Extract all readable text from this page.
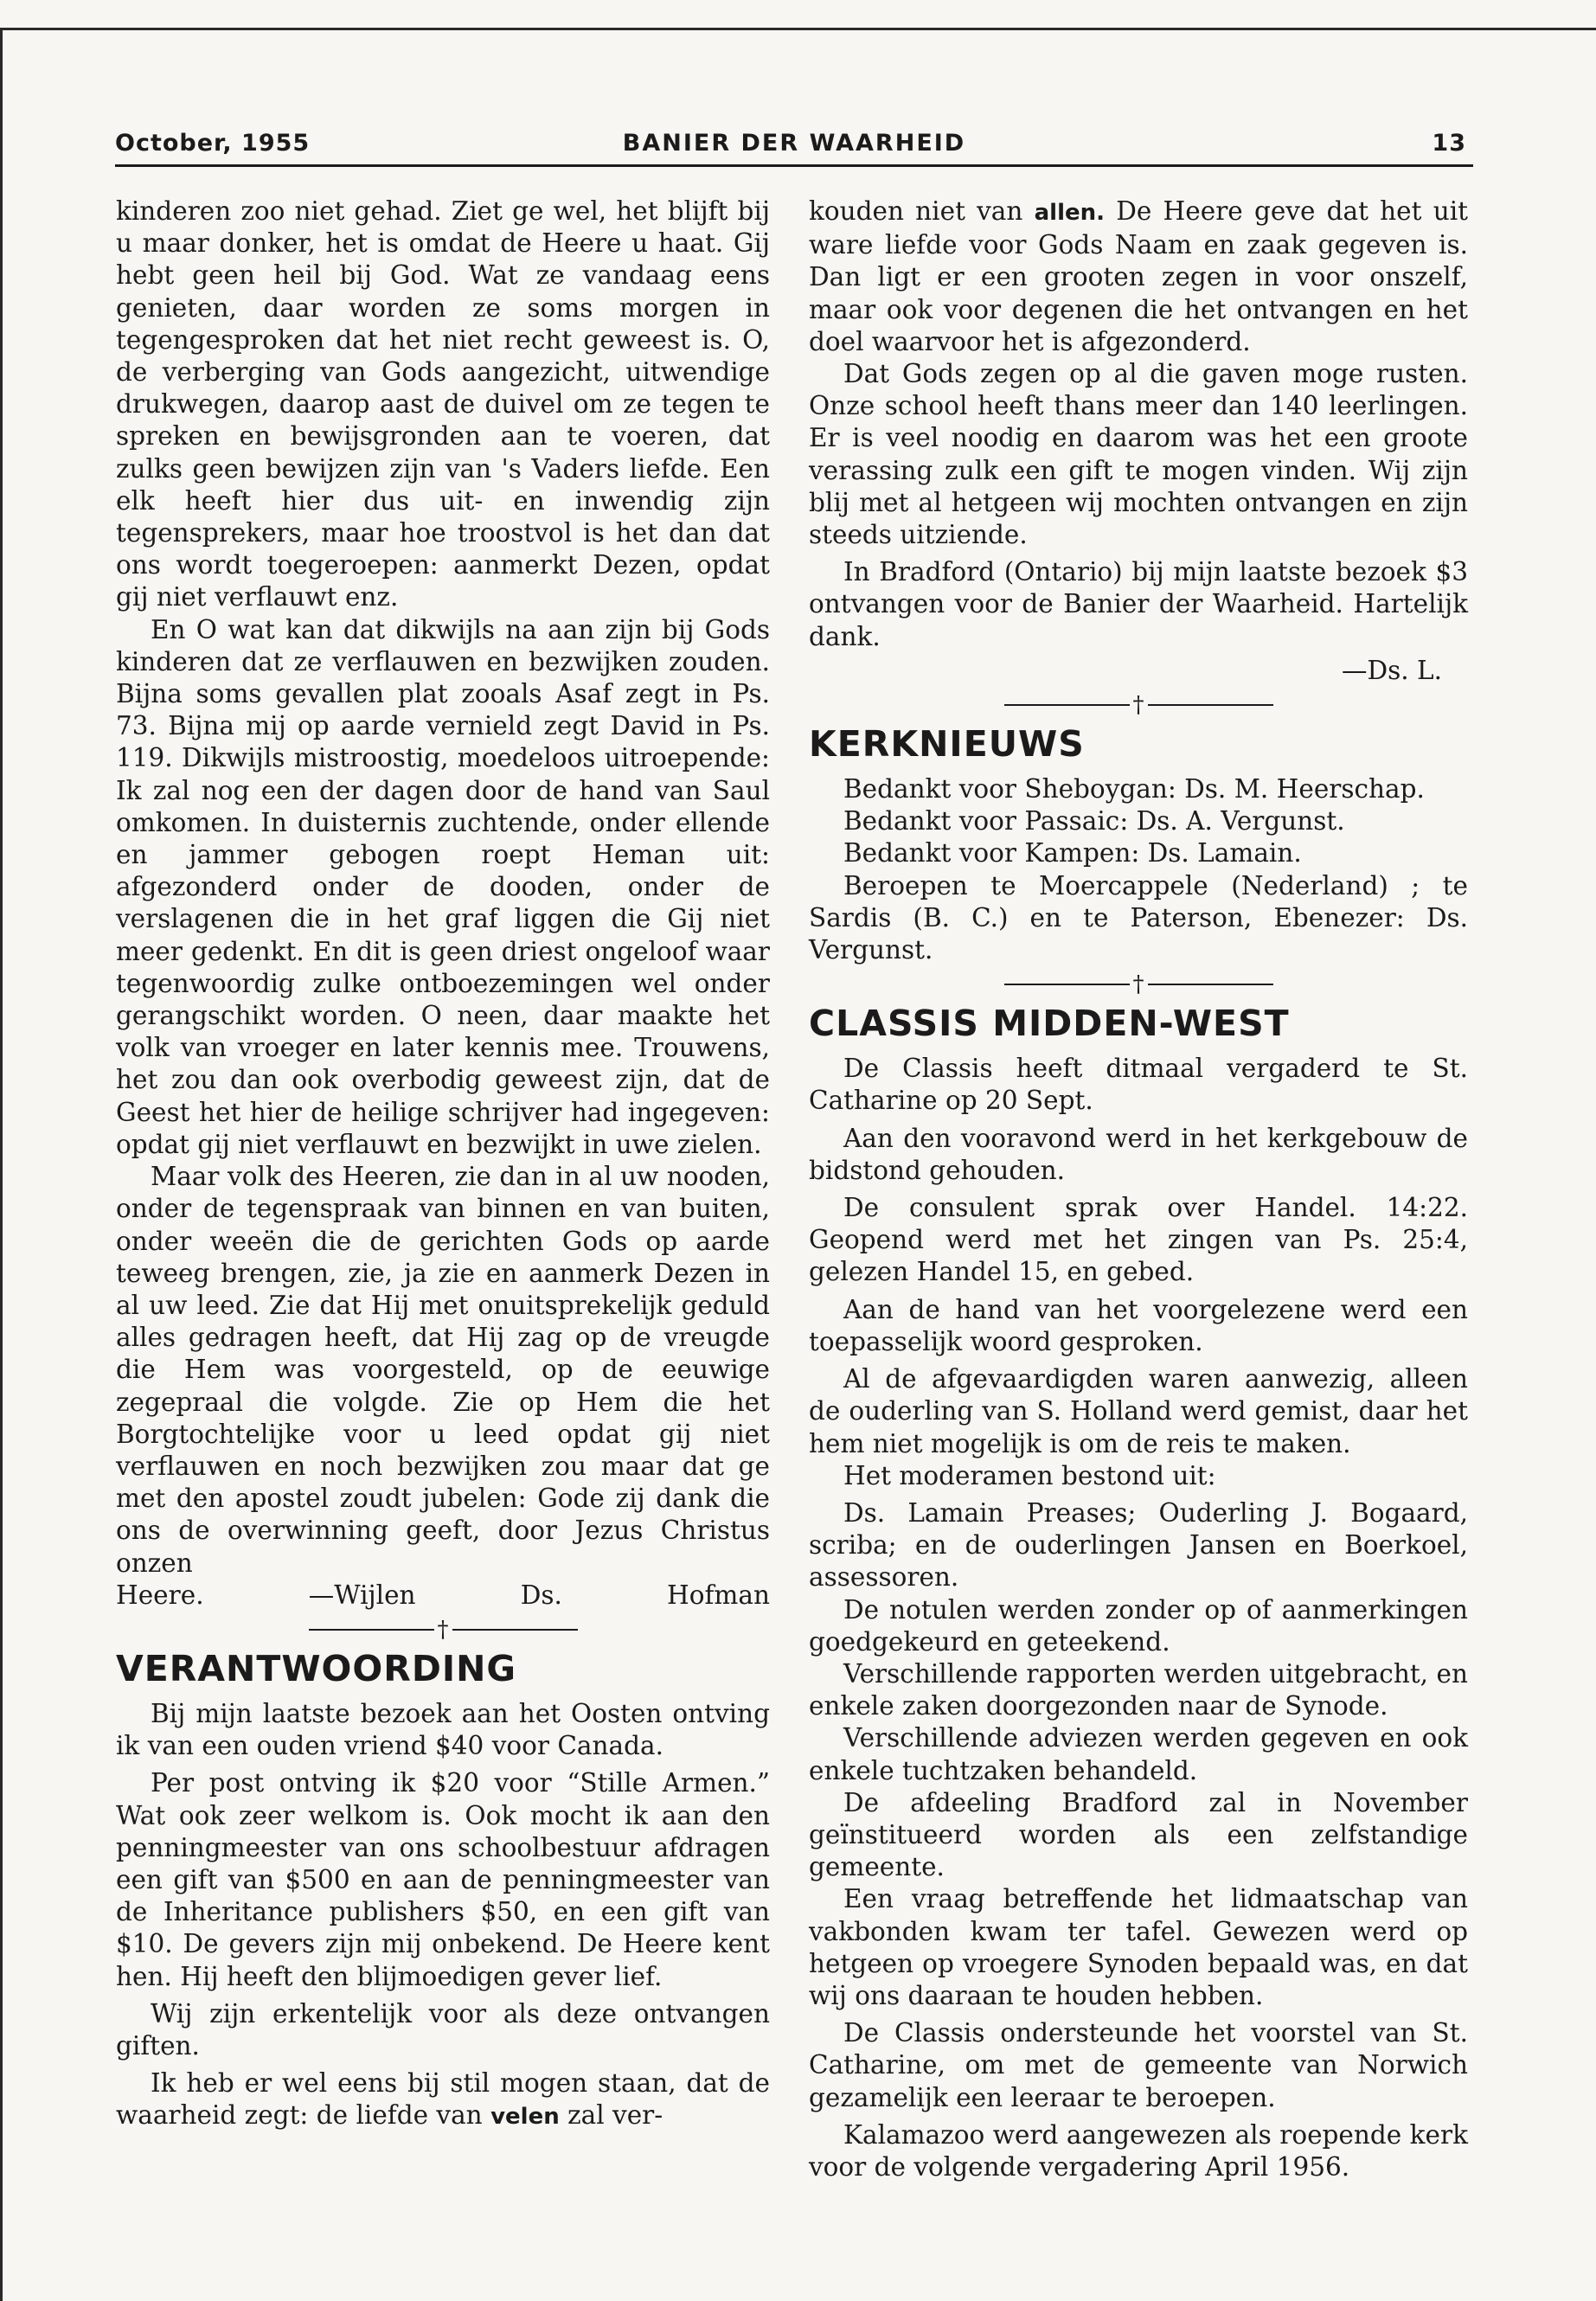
October, 1955	BANIER DER WAARHEID	13

kinderen zoo niet gehad. Ziet ge wel, het blijft bij u maar donker, het is omdat de Heere u haat. Gij hebt geen heil bij God. Wat ze vandaag eens genieten, daar worden ze soms morgen in tegengesproken dat het niet recht geweest is. O, de verberging van Gods aangezicht, uitwendige drukwegen, daarop aast de duivel om ze tegen te spreken en bewijsgronden aan te voeren, dat zulks geen bewijzen zijn van 's Vaders liefde. Een elk heeft hier dus uit- en inwendig zijn tegensprekers, maar hoe troostvol is het dan dat ons wordt toegeroepen: aanmerkt Dezen, opdat gij niet verflauwt enz.

En O wat kan dat dikwijls na aan zijn bij Gods kinderen dat ze verflauwen en bezwijken zouden. Bijna soms gevallen plat zooals Asaf zegt in Ps. 73. Bijna mij op aarde vernield zegt David in Ps. 119. Dikwijls mistroostig, moedeloos uitroepende: Ik zal nog een der dagen door de hand van Saul omkomen. In duisternis zuchtende, onder ellende en jammer gebogen roept Heman uit: afgezonderd onder de dooden, onder de verslagenen die in het graf liggen die Gij niet meer gedenkt. En dit is geen driest ongeloof waar tegenwoordig zulke ontboezemingen wel onder gerangschikt worden. O neen, daar maakte het volk van vroeger en later kennis mee. Trouwens, het zou dan ook overbodig geweest zijn, dat de Geest het hier de heilige schrijver had ingegeven: opdat gij niet verflauwt en bezwijkt in uwe zielen.

Maar volk des Heeren, zie dan in al uw nooden, onder de tegenspraak van binnen en van buiten, onder weeën die de gerichten Gods op aarde teweeg brengen, zie, ja zie en aanmerk Dezen in al uw leed. Zie dat Hij met onuitsprekelijk geduld alles gedragen heeft, dat Hij zag op de vreugde die Hem was voorgesteld, op de eeuwige zegepraal die volgde. Zie op Hem die het Borgtochtelijke voor u leed opdat gij niet verflauwen en noch bezwijken zou maar dat ge met den apostel zoudt jubelen: Gode zij dank die ons de overwinning geeft, door Jezus Christus onzen

Heere.	—Wijlen Ds. Hofman

†
VERANTWOORDING

Bij mijn laatste bezoek aan het Oosten ontving ik van een ouden vriend $40 voor Canada.

Per post ontving ik $20 voor “Stille Armen.” Wat ook zeer welkom is. Ook mocht ik aan den penningmeester van ons schoolbestuur afdragen een gift van $500 en aan de penningmeester van de Inheritance publishers $50, en een gift van $10. De gevers zijn mij onbekend. De Heere kent hen. Hij heeft den blijmoedigen gever lief.

Wij zijn erkentelijk voor als deze ontvangen giften.

Ik heb er wel eens bij stil mogen staan, dat de waarheid zegt: de liefde van velen zal ver-

kouden niet van allen. De Heere geve dat het uit ware liefde voor Gods Naam en zaak gegeven is. Dan ligt er een grooten zegen in voor onszelf, maar ook voor degenen die het ontvangen en het doel waarvoor het is afgezonderd.

Dat Gods zegen op al die gaven moge rusten. Onze school heeft thans meer dan 140 leerlingen. Er is veel noodig en daarom was het een groote verassing zulk een gift te mogen vinden. Wij zijn blij met al hetgeen wij mochten ontvangen en zijn steeds uitziende.

In Bradford (Ontario) bij mijn laatste bezoek $3 ontvangen voor de Banier der Waarheid. Hartelijk dank.

—Ds. L.

†
KERKNIEUWS

Bedankt voor Sheboygan: Ds. M. Heerschap.

Bedankt voor Passaic: Ds. A. Vergunst.

Bedankt voor Kampen: Ds. Lamain.

Beroepen te Moercappele (Nederland) ; te Sardis (B. C.) en te Paterson, Ebenezer: Ds. Vergunst.

†
CLASSIS MIDDEN-WEST

De Classis heeft ditmaal vergaderd te St. Catharine op 20 Sept.

Aan den vooravond werd in het kerkgebouw de bidstond gehouden.

De consulent sprak over Handel. 14:22. Geopend werd met het zingen van Ps. 25:4, gelezen Handel 15, en gebed.

Aan de hand van het voorgelezene werd een toepasselijk woord gesproken.

Al de afgevaardigden waren aanwezig, alleen de ouderling van S. Holland werd gemist, daar het hem niet mogelijk is om de reis te maken.

Het moderamen bestond uit:

Ds. Lamain Preases; Ouderling J. Bogaard, scriba; en de ouderlingen Jansen en Boerkoel, assessoren.

De notulen werden zonder op of aanmerkingen goedgekeurd en geteekend.

Verschillende rapporten werden uitgebracht, en enkele zaken doorgezonden naar de Synode.

Verschillende adviezen werden gegeven en ook enkele tuchtzaken behandeld.

De afdeeling Bradford zal in November geïnstitueerd worden als een zelfstandige gemeente.

Een vraag betreffende het lidmaatschap van vakbonden kwam ter tafel. Gewezen werd op hetgeen op vroegere Synoden bepaald was, en dat wij ons daaraan te houden hebben.

De Classis ondersteunde het voorstel van St. Catharine, om met de gemeente van Norwich gezamelijk een leeraar te beroepen.

Kalamazoo werd aangewezen als roepende kerk voor de volgende vergadering April 1956.
